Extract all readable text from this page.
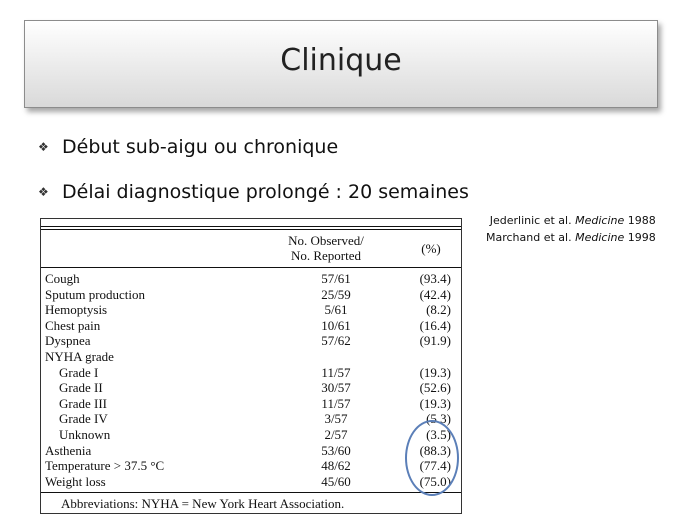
Clinique
❖ Début sub-aigu ou chronique
❖ Délai diagnostique prolongé : 20 semaines
Jederlinic et al. Medicine 1988
Marchand et al. Medicine 1998
No. Observed/
No. Reported	(%)
Cough	57/61	(93.4)
Sputum production	25/59	(42.4)
Hemoptysis	5/61	(8.2)
Chest pain	10/61	(16.4)
Dyspnea	57/62	(91.9)
NYHA grade
Grade I	11/57	(19.3)
Grade II	30/57	(52.6)
Grade III	11/57	(19.3)
Grade IV	3/57	(5.3)
Unknown	2/57	(3.5)
Asthenia	53/60	(88.3)
Temperature > 37.5 °C	48/62	(77.4)
Weight loss	45/60	(75.0)
Abbreviations: NYHA = New York Heart Association.
